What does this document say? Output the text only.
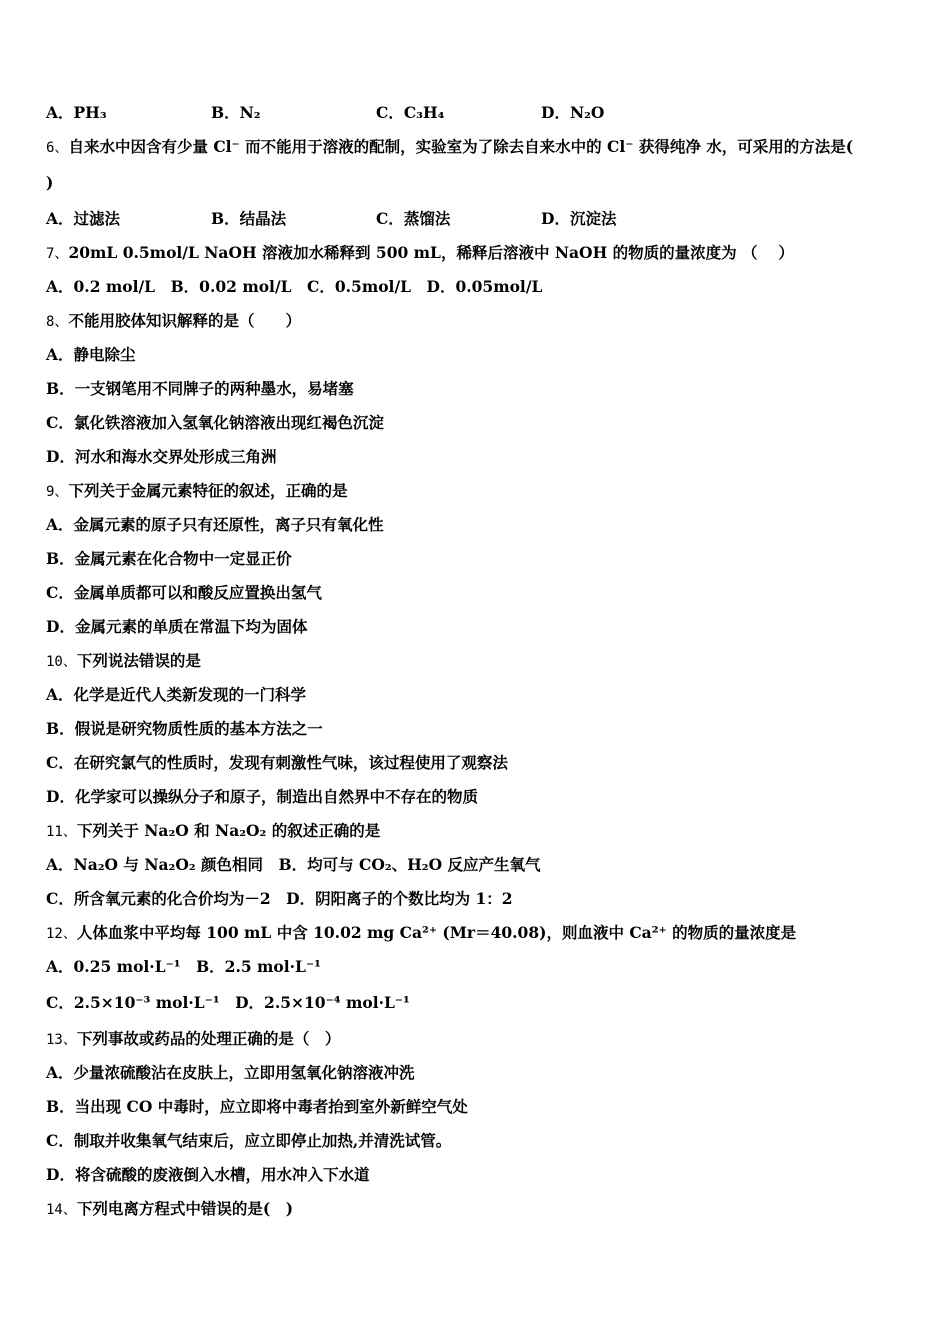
A．PH₃	B．N₂	C．C₃H₄	D．N₂O
6、自来水中因含有少量 Cl⁻ 而不能用于溶液的配制，实验室为了除去自来水中的 Cl⁻ 获得纯净 水，可采用的方法是(
)
A．过滤法	B．结晶法	C．蒸馏法	D．沉淀法
7、20mL 0.5mol/L NaOH 溶液加水稀释到 500 mL，稀释后溶液中 NaOH 的物质的量浓度为 （　 ）
A．0.2 mol/L　B．0.02 mol/L　C．0.5mol/L　D．0.05mol/L
8、不能用胶体知识解释的是（　　）
A．静电除尘
B．一支钢笔用不同牌子的两种墨水，易堵塞
C．氯化铁溶液加入氢氧化钠溶液出现红褐色沉淀
D．河水和海水交界处形成三角洲
9、下列关于金属元素特征的叙述，正确的是
A．金属元素的原子只有还原性，离子只有氧化性
B．金属元素在化合物中一定显正价
C．金属单质都可以和酸反应置换出氢气
D．金属元素的单质在常温下均为固体
10、下列说法错误的是
A．化学是近代人类新发现的一门科学
B．假说是研究物质性质的基本方法之一
C．在研究氯气的性质时，发现有刺激性气味，该过程使用了观察法
D．化学家可以操纵分子和原子，制造出自然界中不存在的物质
11、下列关于 Na₂O 和 Na₂O₂ 的叙述正确的是
A．Na₂O 与 Na₂O₂ 颜色相同　B．均可与 CO₂、H₂O 反应产生氧气
C．所含氧元素的化合价均为－2　D．阴阳离子的个数比均为 1：2
12、人体血浆中平均每 100 mL 中含 10.02 mg Ca²⁺ (Mr＝40.08)，则血液中 Ca²⁺ 的物质的量浓度是
A．0.25 mol·L⁻¹　B．2.5 mol·L⁻¹
C．2.5×10⁻³ mol·L⁻¹　D．2.5×10⁻⁴ mol·L⁻¹
13、下列事故或药品的处理正确的是（　）
A．少量浓硫酸沾在皮肤上，立即用氢氧化钠溶液冲洗
B．当出现 CO 中毒时，应立即将中毒者抬到室外新鲜空气处
C．制取并收集氧气结束后，应立即停止加热,并清洗试管。
D．将含硫酸的废液倒入水槽，用水冲入下水道
14、下列电离方程式中错误的是(　)
